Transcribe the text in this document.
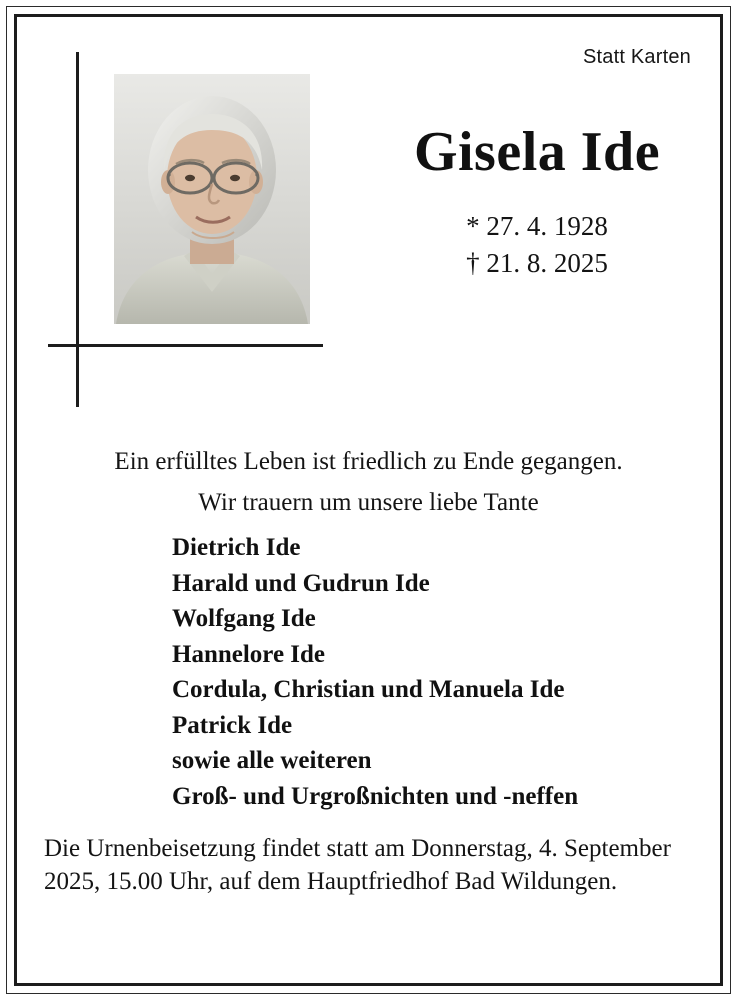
Statt Karten
Gisela Ide
* 27. 4. 1928
† 21. 8. 2025
Ein erfülltes Leben ist friedlich zu Ende gegangen.
Wir trauern um unsere liebe Tante
Dietrich Ide
Harald und Gudrun Ide
Wolfgang Ide
Hannelore Ide
Cordula, Christian und Manuela Ide
Patrick Ide
sowie alle weiteren
Groß- und Urgroßnichten und -neffen
Die Urnenbeisetzung findet statt am Donnerstag, 4. September 2025, 15.00 Uhr, auf dem Hauptfriedhof Bad Wildungen.
